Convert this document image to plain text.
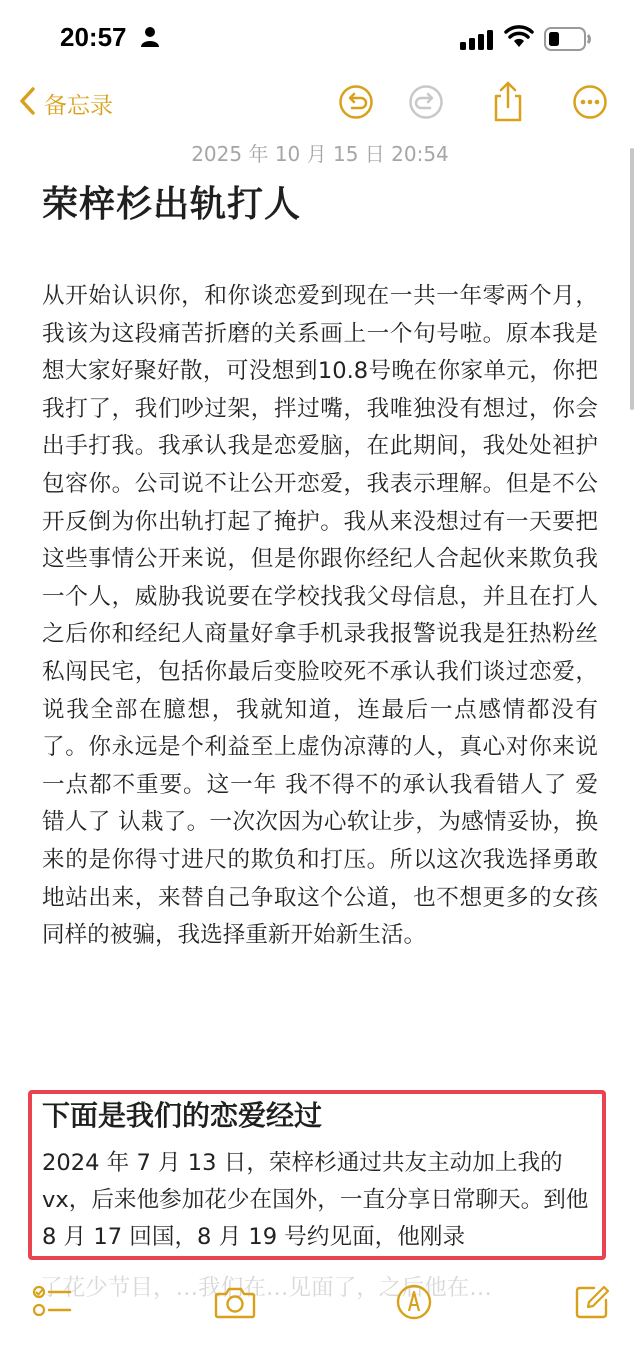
20:57
备忘录
2025 年 10 月 15 日 20:54
荣梓杉出轨打人
从开始认识你，和你谈恋爱到现在一共一年零两个月，我该为这段痛苦折磨的关系画上一个句号啦。原本我是想大家好聚好散，可没想到10.8号晚在你家单元，你把我打了，我们吵过架，拌过嘴，我唯独没有想过，你会出手打我。我承认我是恋爱脑，在此期间，我处处袒护包容你。公司说不让公开恋爱，我表示理解。但是不公开反倒为你出轨打起了掩护。我从来没想过有一天要把这些事情公开来说，但是你跟你经纪人合起伙来欺负我一个人，威胁我说要在学校找我父母信息，并且在打人之后你和经纪人商量好拿手机录我报警说我是狂热粉丝 私闯民宅，包括你最后变脸咬死不承认我们谈过恋爱，说我全部在臆想，我就知道，连最后一点感情都没有了。你永远是个利益至上虚伪凉薄的人，真心对你来说一点都不重要。这一年 我不得不的承认我看错人了 爱错人了 认栽了。一次次因为心软让步，为感情妥协，换来的是你得寸进尺的欺负和打压。所以这次我选择勇敢地站出来，来替自己争取这个公道，也不想更多的女孩同样的被骗，我选择重新开始新生活。
下面是我们的恋爱经过
2024 年 7 月 13 日，荣梓杉通过共友主动加上我的 vx，后来他参加花少在国外，一直分享日常聊天。到他 8 月 17 回国，8 月 19 号约见面，他刚录
了花少节目，…我们在…见面了，之后他在…
